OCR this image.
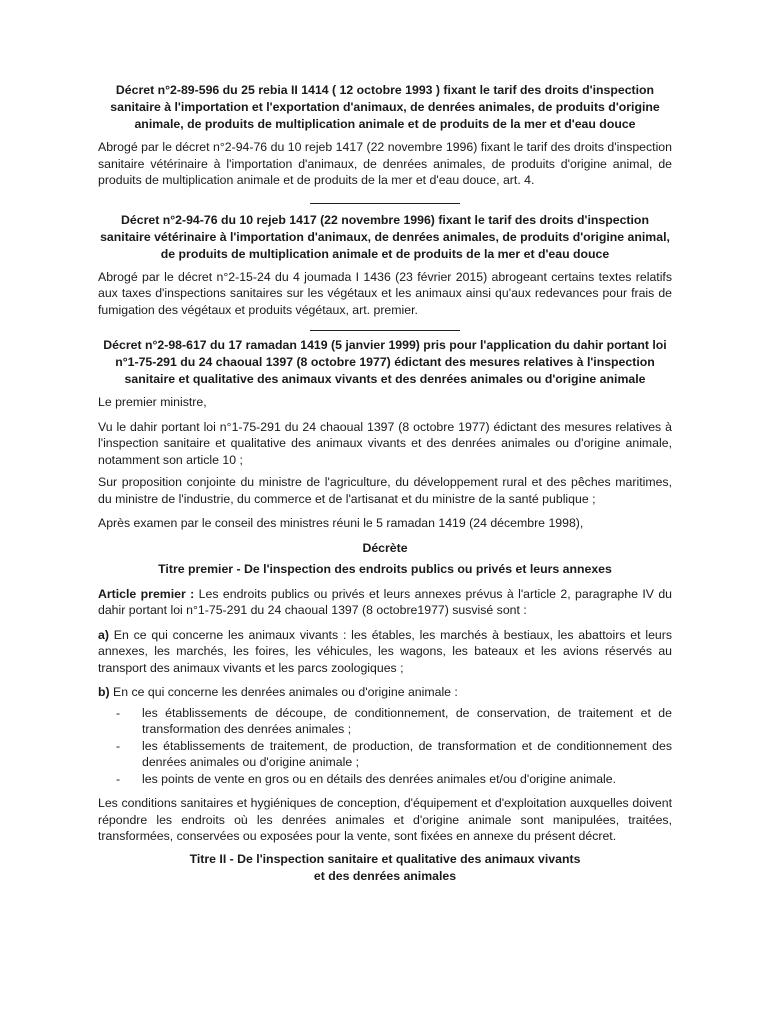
Décret n°2-89-596 du 25 rebia II 1414 ( 12 octobre 1993 ) fixant le tarif des droits d'inspection sanitaire à l'importation et l'exportation d'animaux, de denrées animales, de produits d'origine animale, de produits de multiplication animale et de produits de la mer et d'eau douce

Abrogé par le décret n°2-94-76 du 10 rejeb 1417 (22 novembre 1996) fixant le tarif des droits d'inspection sanitaire vétérinaire à l'importation d'animaux, de denrées animales, de produits d'origine animal, de produits de multiplication animale et de produits de la mer et d'eau douce, art. 4.

Décret n°2-94-76 du 10 rejeb 1417 (22 novembre 1996) fixant le tarif des droits d'inspection sanitaire vétérinaire à l'importation d'animaux, de denrées animales, de produits d'origine animal, de produits de multiplication animale et de produits de la mer et d'eau douce

Abrogé par le décret n°2-15-24 du 4 joumada I 1436 (23 février 2015) abrogeant certains textes relatifs aux taxes d'inspections sanitaires sur les végétaux et les animaux ainsi qu'aux redevances pour frais de fumigation des végétaux et produits végétaux, art. premier.

Décret n°2-98-617 du 17 ramadan 1419 (5 janvier 1999) pris pour l'application du dahir portant loi n°1-75-291 du 24 chaoual 1397 (8 octobre 1977) édictant des mesures relatives à l'inspection sanitaire et qualitative des animaux vivants et des denrées animales ou d'origine animale

Le premier ministre,

Vu le dahir portant loi n°1-75-291 du 24 chaoual 1397 (8 octobre 1977) édictant des mesures relatives à l'inspection sanitaire et qualitative des animaux vivants et des denrées animales ou d'origine animale, notamment son article 10 ;

Sur proposition conjointe du ministre de l'agriculture, du développement rural et des pêches maritimes, du ministre de l'industrie, du commerce et de l'artisanat et du ministre de la santé publique ;

Après examen par le conseil des ministres réuni le 5 ramadan 1419 (24 décembre 1998),

Décrète

Titre premier - De l'inspection des endroits publics ou privés et leurs annexes

Article premier : Les endroits publics ou privés et leurs annexes prévus à l'article 2, paragraphe IV du dahir portant loi n°1-75-291 du 24 chaoual 1397 (8 octobre1977) susvisé sont :

a) En ce qui concerne les animaux vivants : les étables, les marchés à bestiaux, les abattoirs et leurs annexes, les marchés, les foires, les véhicules, les wagons, les bateaux et les avions réservés au transport des animaux vivants et les parcs zoologiques ;

b) En ce qui concerne les denrées animales ou d'origine animale :

- les établissements de découpe, de conditionnement, de conservation, de traitement et de transformation des denrées animales ;
- les établissements de traitement, de production, de transformation et de conditionnement des denrées animales ou d'origine animale ;
- les points de vente en gros ou en détails des denrées animales et/ou d'origine animale.

Les conditions sanitaires et hygiéniques de conception, d'équipement et d'exploitation auxquelles doivent répondre les endroits où les denrées animales et d'origine animale sont manipulées, traitées, transformées, conservées ou exposées pour la vente, sont fixées en annexe du présent décret.

Titre II - De l'inspection sanitaire et qualitative des animaux vivants

et des denrées animales
